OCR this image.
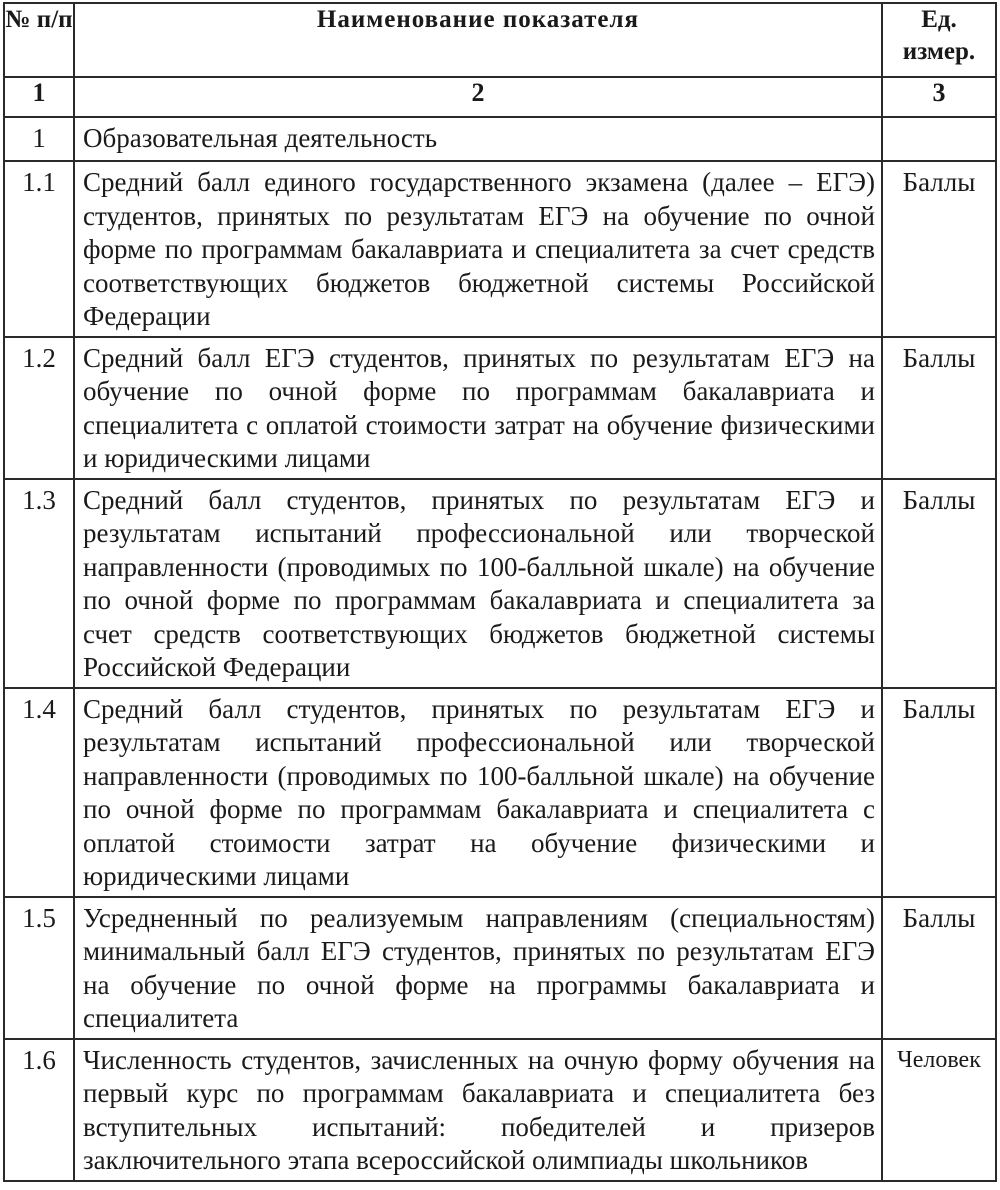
№ п/п	Наименование показателя	Ед. измер.
1	2	3
1	Образовательная деятельность	
1.1	Средний балл единого государственного экзамена (далее – ЕГЭ) студентов, принятых по результатам ЕГЭ на обучение по очной форме по программам бакалавриата и специалитета за счет средств соответствующих бюджетов бюджетной системы Российской Федерации	Баллы
1.2	Средний балл ЕГЭ студентов, принятых по результатам ЕГЭ на обучение по очной форме по программам бакалавриата и специалитета с оплатой стоимости затрат на обучение физическими и юридическими лицами	Баллы
1.3	Средний балл студентов, принятых по результатам ЕГЭ и результатам испытаний профессиональной или творческой направленности (проводимых по 100-балльной шкале) на обучение по очной форме по программам бакалавриата и специалитета за счет средств соответствующих бюджетов бюджетной системы Российской Федерации	Баллы
1.4	Средний балл студентов, принятых по результатам ЕГЭ и результатам испытаний профессиональной или творческой направленности (проводимых по 100-балльной шкале) на обучение по очной форме по программам бакалавриата и специалитета с оплатой стоимости затрат на обучение физическими и юридическими лицами	Баллы
1.5	Усредненный по реализуемым направлениям (специальностям) минимальный балл ЕГЭ студентов, принятых по результатам ЕГЭ на обучение по очной форме на программы бакалавриата и специалитета	Баллы
1.6	Численность студентов, зачисленных на очную форму обучения на первый курс по программам бакалавриата и специалитета без вступительных испытаний: победителей и призеров заключительного этапа всероссийской олимпиады школьников	Человек
